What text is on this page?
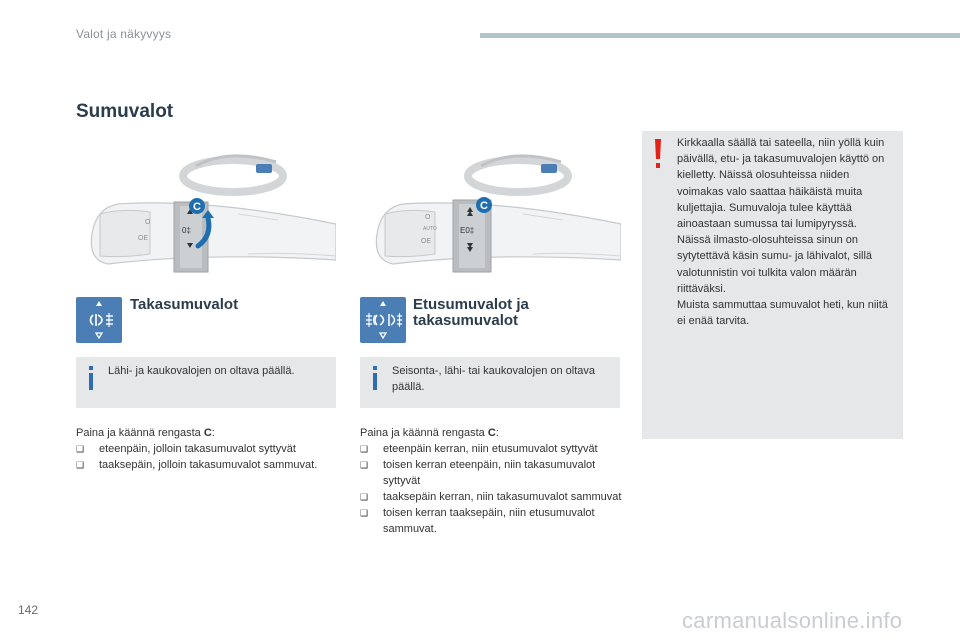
Valot ja näkyvyys
Sumuvalot
O
ОE
0‡
C
O
AUTO
ОE
E0‡
C
Takasumuvalot
Lähi- ja kaukovalojen on oltava päällä.

Paina ja käännä rengasta C:

❑ eteenpäin, jolloin takasumuvalot syttyvät
❑ taaksepäin, jolloin takasumuvalot sammuvat.
Etusumuvalot ja takasumuvalot
Seisonta-, lähi- tai kaukovalojen on oltava päällä.

Paina ja käännä rengasta C:

❑ eteenpäin kerran, niin etusumuvalot syttyvät
❑ toisen kerran eteenpäin, niin takasumuvalot syttyvät
❑ taaksepäin kerran, niin takasumuvalot sammuvat
❑ toisen kerran taaksepäin, niin etusumuvalot sammuvat.

Kirkkaalla säällä tai sateella, niin yöllä kuin päivällä, etu- ja takasumuvalojen käyttö on kielletty. Näissä olosuhteissa niiden voimakas valo saattaa häikäistä muita kuljettajia. Sumuvaloja tulee käyttää ainoastaan sumussa tai lumipyryssä.

Näissä ilmasto-olosuhteissa sinun on sytytettävä käsin sumu- ja lähivalot, sillä valotunnistin voi tulkita valon määrän riittäväksi.

Muista sammuttaa sumuvalot heti, kun niitä ei enää tarvita.

142	carmanualsonline.info
